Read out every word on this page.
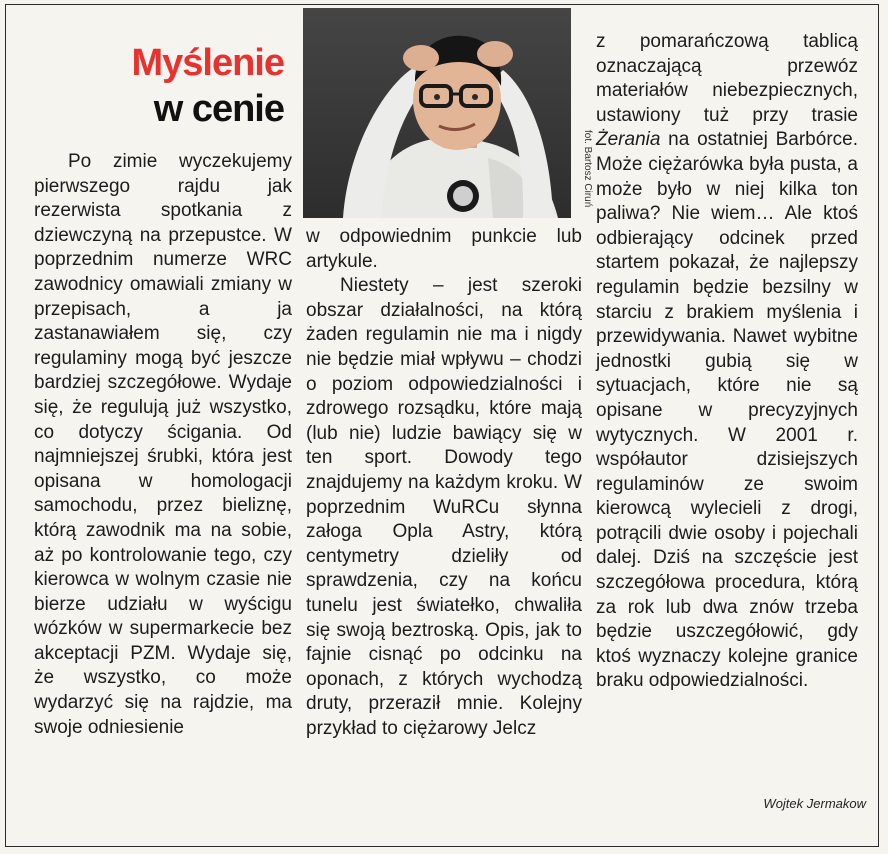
Myślenie
w cenie
fot. Bartosz Ciruń

Po zimie wyczekujemy pierwszego rajdu jak rezerwista spotkania z dziewczyną na przepustce. W poprzednim numerze WRC zawodnicy omawiali zmiany w przepisach, a ja zastanawiałem się, czy regulaminy mogą być jeszcze bardziej szczegółowe. Wydaje się, że regulują już wszystko, co dotyczy ścigania. Od najmniejszej śrubki, która jest opisana w homologacji samochodu, przez bieliznę, którą zawodnik ma na sobie, aż po kontrolowanie tego, czy kierowca w wolnym czasie nie bierze udziału w wyścigu wózków w supermarkecie bez akceptacji PZM. Wydaje się, że wszystko, co może wydarzyć się na rajdzie, ma swoje odniesienie

w odpowiednim punkcie lub artykule.

Niestety – jest szeroki obszar działalności, na którą żaden regulamin nie ma i nigdy nie będzie miał wpływu – chodzi o poziom odpowiedzialności i zdrowego rozsądku, które mają (lub nie) ludzie bawiący się w ten sport. Dowody tego znajdujemy na każdym kroku. W poprzednim WuRCu słynna załoga Opla Astry, którą centymetry dzieliły od sprawdzenia, czy na końcu tunelu jest światełko, chwaliła się swoją beztroską. Opis, jak to fajnie cisnąć po odcinku na oponach, z których wychodzą druty, przeraził mnie. Kolejny przykład to ciężarowy Jelcz

z pomarańczową tablicą oznaczającą przewóz materiałów niebezpiecznych, ustawiony tuż przy trasie Żerania na ostatniej Barbórce. Może ciężarówka była pusta, a może było w niej kilka ton paliwa? Nie wiem… Ale ktoś odbierający odcinek przed startem pokazał, że najlepszy regulamin będzie bezsilny w starciu z brakiem myślenia i przewidywania. Nawet wybitne jednostki gubią się w sytuacjach, które nie są opisane w precyzyjnych wytycznych. W 2001 r. współautor dzisiejszych regulaminów ze swoim kierowcą wylecieli z drogi, potrącili dwie osoby i pojechali dalej. Dziś na szczęście jest szczegółowa procedura, którą za rok lub dwa znów trzeba będzie uszczegółowić, gdy ktoś wyznaczy kolejne granice braku odpowiedzialności.

Wojtek Jermakow
